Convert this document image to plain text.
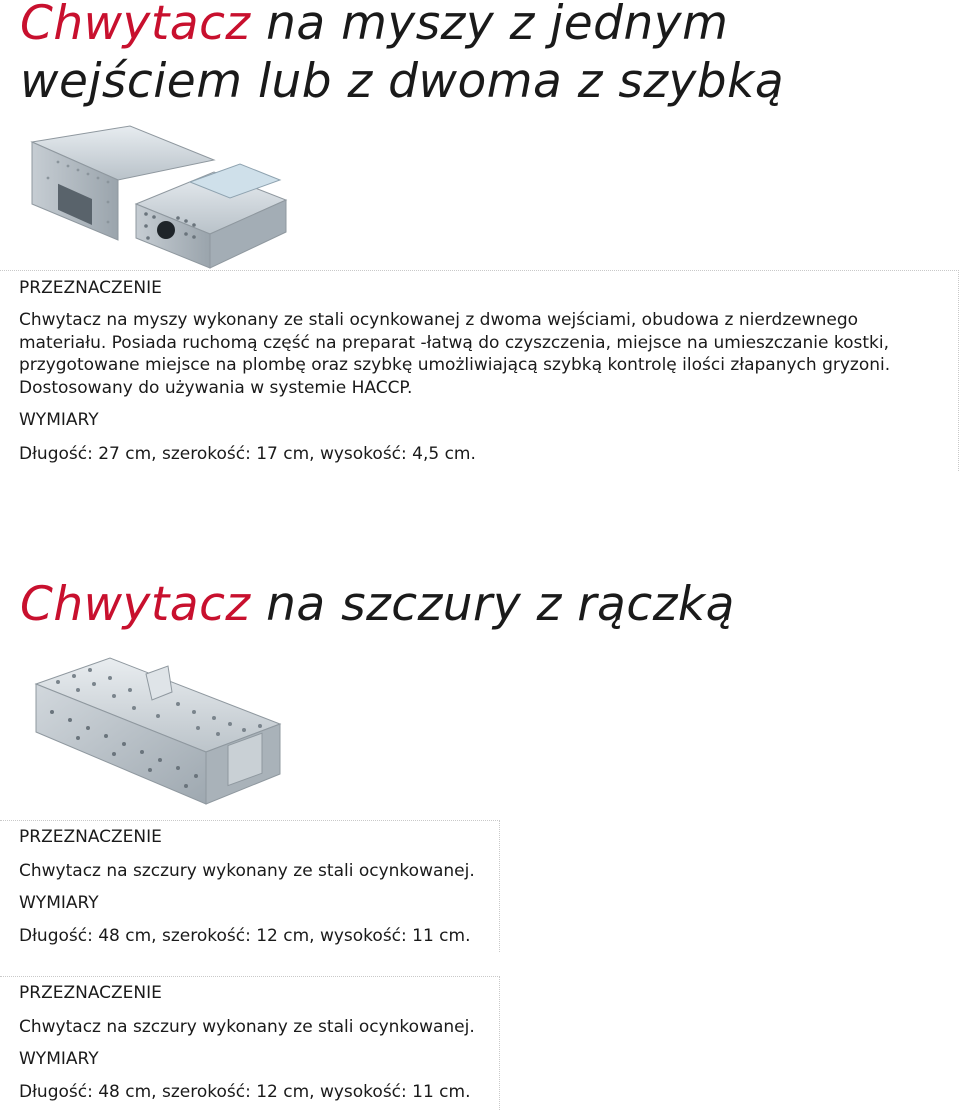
Chwytacz na myszy z jednym
wejściem lub z dwoma z szybką

PRZEZNACZENIE

Chwytacz na myszy wykonany ze stali ocynkowanej z dwoma wejściami, obudowa z nierdzewnego materiału. Posiada ruchomą część na preparat -łatwą do czyszczenia, miejsce na umieszczanie kostki, przygotowane miejsce na plombę oraz szybkę umożliwiającą szybką kontrolę ilości złapanych gryzoni. Dostosowany do używania w systemie HACCP.

WYMIARY

Długość: 27 cm, szerokość: 17 cm, wysokość: 4,5 cm.

Chwytacz na szczury z rączką

PRZEZNACZENIE

Chwytacz na szczury wykonany ze stali ocynkowanej.

WYMIARY

Długość: 48 cm, szerokość: 12 cm, wysokość: 11 cm.

PRZEZNACZENIE

Chwytacz na szczury wykonany ze stali ocynkowanej.

WYMIARY

Długość: 48 cm, szerokość: 12 cm, wysokość: 11 cm.
